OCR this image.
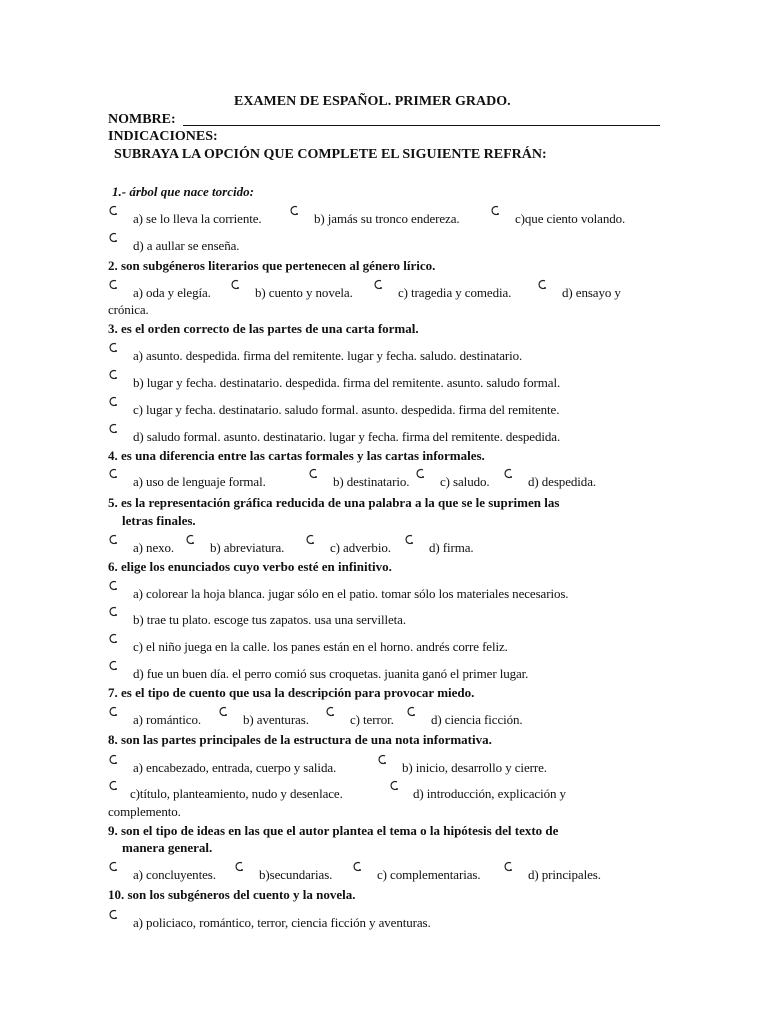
EXAMEN DE ESPAÑOL. PRIMER GRADO.
NOMBRE:
INDICACIONES:
SUBRAYA LA OPCIÓN QUE COMPLETE EL SIGUIENTE REFRÁN:
1.- árbol que nace torcido:
a) se lo lleva la corriente.	b) jamás su tronco endereza.	c)que ciento volando.
d) a aullar se enseña.
2. son subgéneros literarios que pertenecen al género lírico.
a) oda y elegía.	b) cuento y novela.	c) tragedia y comedia.	d) ensayo y
crónica.
3. es el orden correcto de las partes de una carta formal.
a) asunto. despedida. firma del remitente. lugar y fecha. saludo. destinatario.
b) lugar y fecha. destinatario. despedida. firma del remitente. asunto. saludo formal.
c) lugar y fecha. destinatario. saludo formal. asunto. despedida. firma del remitente.
d) saludo formal. asunto. destinatario. lugar y fecha. firma del remitente. despedida.
4. es una diferencia entre las cartas formales y las cartas informales.
a) uso de lenguaje formal.	b) destinatario. c) saludo.	d) despedida.
5. es la representación gráfica reducida de una palabra a la que se le suprimen las
letras finales.
a) nexo.	b) abreviatura.	c) adverbio.	d) firma.
6. elige los enunciados cuyo verbo esté en infinitivo.
a) colorear la hoja blanca. jugar sólo en el patio. tomar sólo los materiales necesarios.
b) trae tu plato. escoge tus zapatos. usa una servilleta.
c) el niño juega en la calle. los panes están en el horno. andrés corre feliz.
d) fue un buen día. el perro comió sus croquetas. juanita ganó el primer lugar.
7. es el tipo de cuento que usa la descripción para provocar miedo.
a) romántico.	b) aventuras.	c) terror.	d) ciencia ficción.
8. son las partes principales de la estructura de una nota informativa.
a) encabezado, entrada, cuerpo y salida.	b) inicio, desarrollo y cierre.
c)título, planteamiento, nudo y desenlace.	d) introducción, explicación y
complemento.
9. son el tipo de ideas en las que el autor plantea el tema o la hipótesis del texto de
manera general.
a) concluyentes.	b)secundarias.	c) complementarias.	d) principales.
10. son los subgéneros del cuento y la novela.
a) policiaco, romántico, terror, ciencia ficción y aventuras.
